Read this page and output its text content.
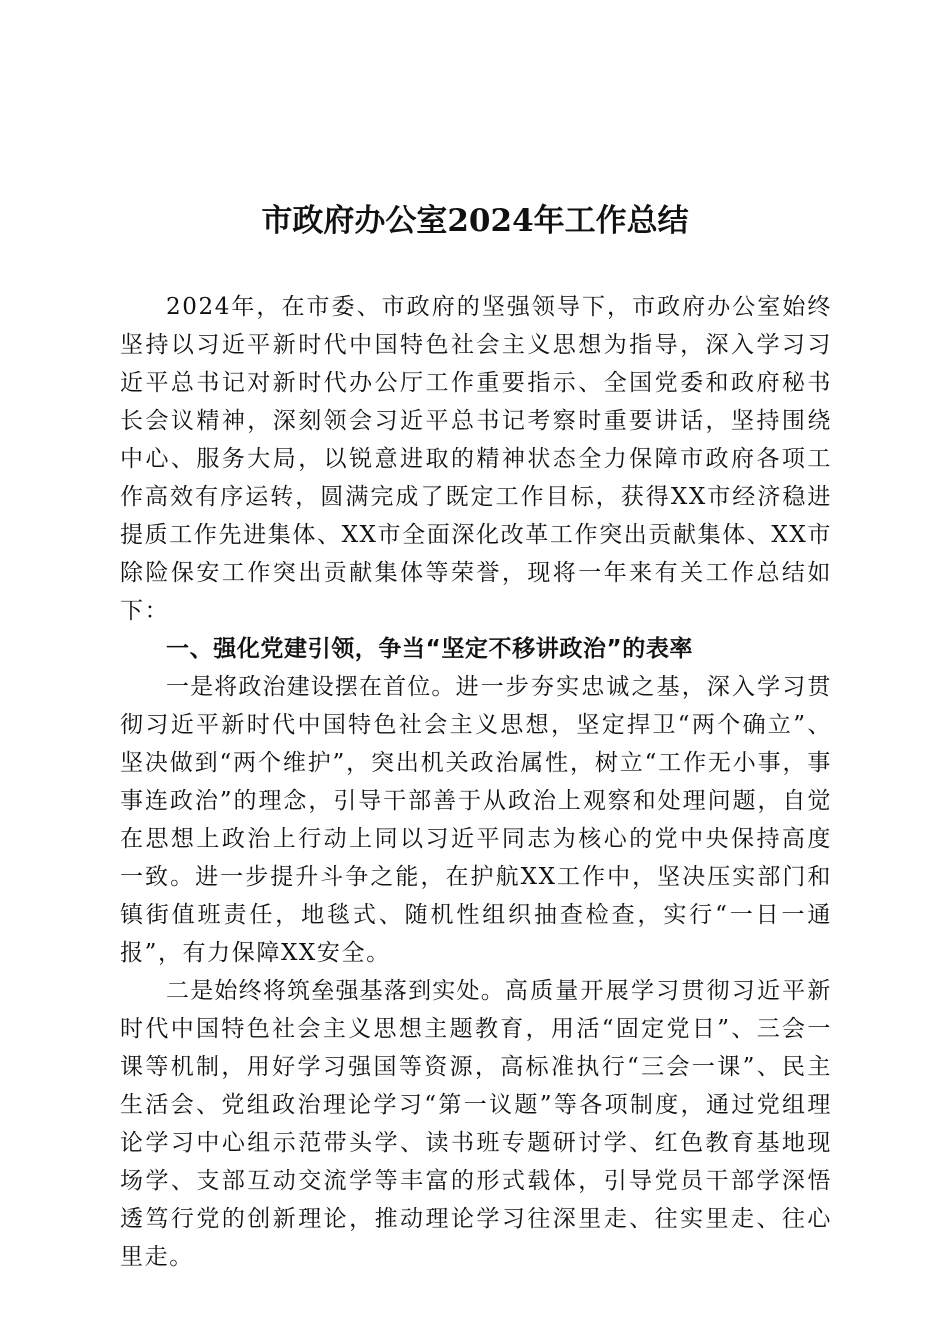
市政府办公室2024年工作总结

2024年，在市委、市政府的坚强领导下，市政府办公室始终坚持以习近平新时代中国特色社会主义思想为指导，深入学习习近平总书记对新时代办公厅工作重要指示、全国党委和政府秘书长会议精神，深刻领会习近平总书记考察时重要讲话，坚持围绕中心、服务大局，以锐意进取的精神状态全力保障市政府各项工作高效有序运转，圆满完成了既定工作目标，获得XX市经济稳进提质工作先进集体、XX市全面深化改革工作突出贡献集体、XX市除险保安工作突出贡献集体等荣誉，现将一年来有关工作总结如下：

一、强化党建引领，争当“坚定不移讲政治”的表率

一是将政治建设摆在首位。进一步夯实忠诚之基，深入学习贯彻习近平新时代中国特色社会主义思想，坚定捍卫“两个确立”、坚决做到“两个维护”，突出机关政治属性，树立“工作无小事，事事连政治”的理念，引导干部善于从政治上观察和处理问题，自觉在思想上政治上行动上同以习近平同志为核心的党中央保持高度一致。进一步提升斗争之能，在护航XX工作中，坚决压实部门和镇街值班责任，地毯式、随机性组织抽查检查，实行“一日一通报”，有力保障XX安全。

二是始终将筑垒强基落到实处。高质量开展学习贯彻习近平新时代中国特色社会主义思想主题教育，用活“固定党日”、三会一课等机制，用好学习强国等资源，高标准执行“三会一课”、民主生活会、党组政治理论学习“第一议题”等各项制度，通过党组理论学习中心组示范带头学、读书班专题研讨学、红色教育基地现场学、支部互动交流学等丰富的形式载体，引导党员干部学深悟透笃行党的创新理论，推动理论学习往深里走、往实里走、往心里走。
